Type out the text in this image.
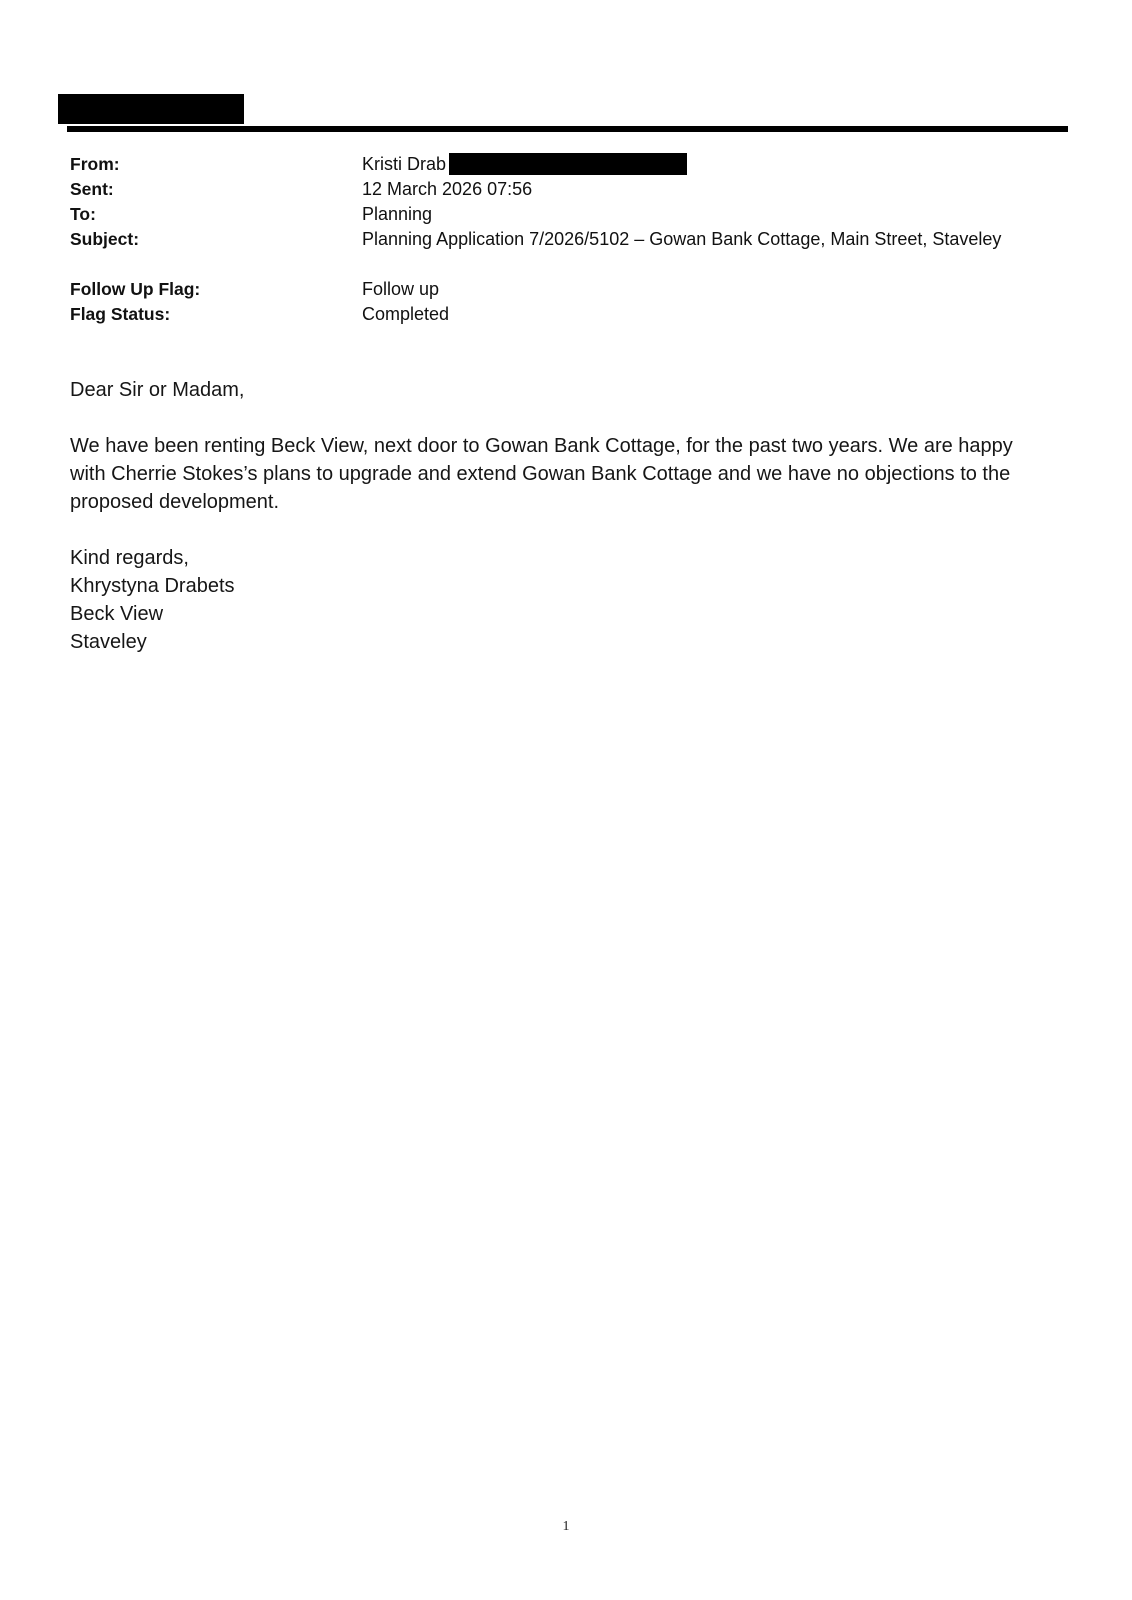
From:
Sent:
To:
Subject:
Follow Up Flag:
Flag Status:
Kristi Drab
12 March 2026 07:56
Planning
Planning Application 7/2026/5102 – Gowan Bank Cottage, Main Street, Staveley
Follow up
Completed
Dear Sir or Madam,
We have been renting Beck View, next door to Gowan Bank Cottage, for the past two years. We are happy with Cherrie Stokes’s plans to upgrade and extend Gowan Bank Cottage and we have no objections to the proposed development.
Kind regards,
Khrystyna Drabets
Beck View
Staveley
1
